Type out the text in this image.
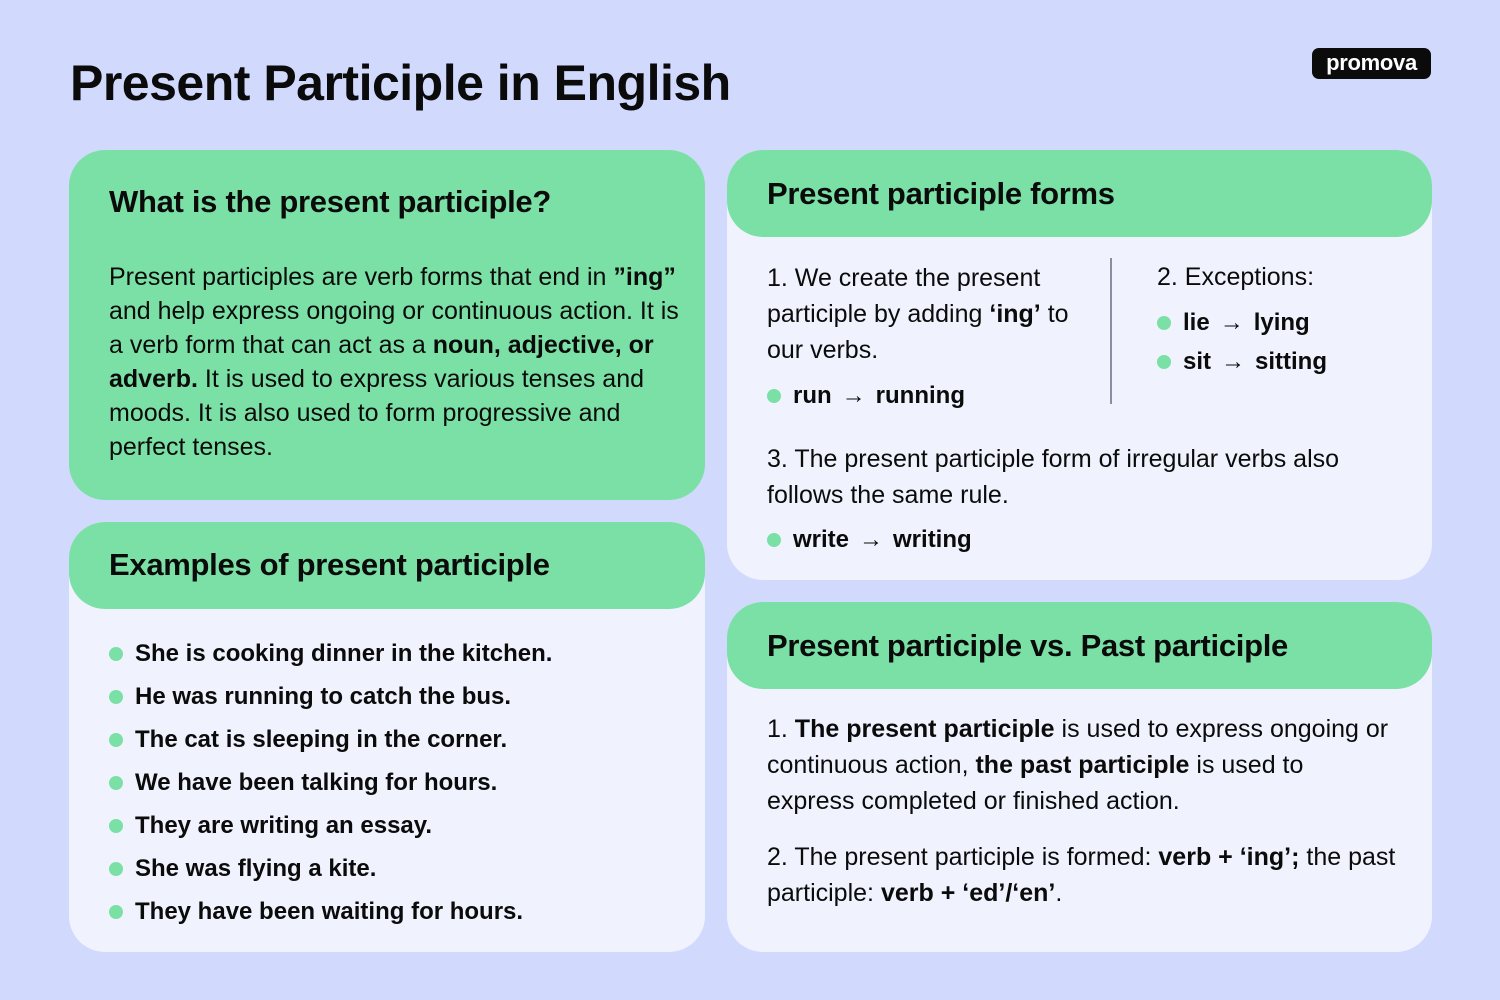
Present Participle in English	promova
What is the present participle?
Present participles are verb forms that end in ”ing” and help express ongoing or continuous action. It is a verb form that can act as a noun, adjective, or adverb. It is used to express various tenses and moods. It is also used to form progressive and perfect tenses.
Examples of present participle
She is cooking dinner in the kitchen.
He was running to catch the bus.
The cat is sleeping in the corner.
We have been talking for hours.
They are writing an essay.
She was flying a kite.
They have been waiting for hours.
Present participle forms
1. We create the present participle by adding ‘ing’ to our verbs.
run → running
2. Exceptions:
lie → lying
sit → sitting
3. The present participle form of irregular verbs also follows the same rule.
write → writing
Present participle vs. Past participle
1. The present participle is used to express ongoing or continuous action, the past participle is used to express completed or finished action.
2. The present participle is formed: verb + ‘ing’; the past participle: verb + ‘ed’/‘en’.
